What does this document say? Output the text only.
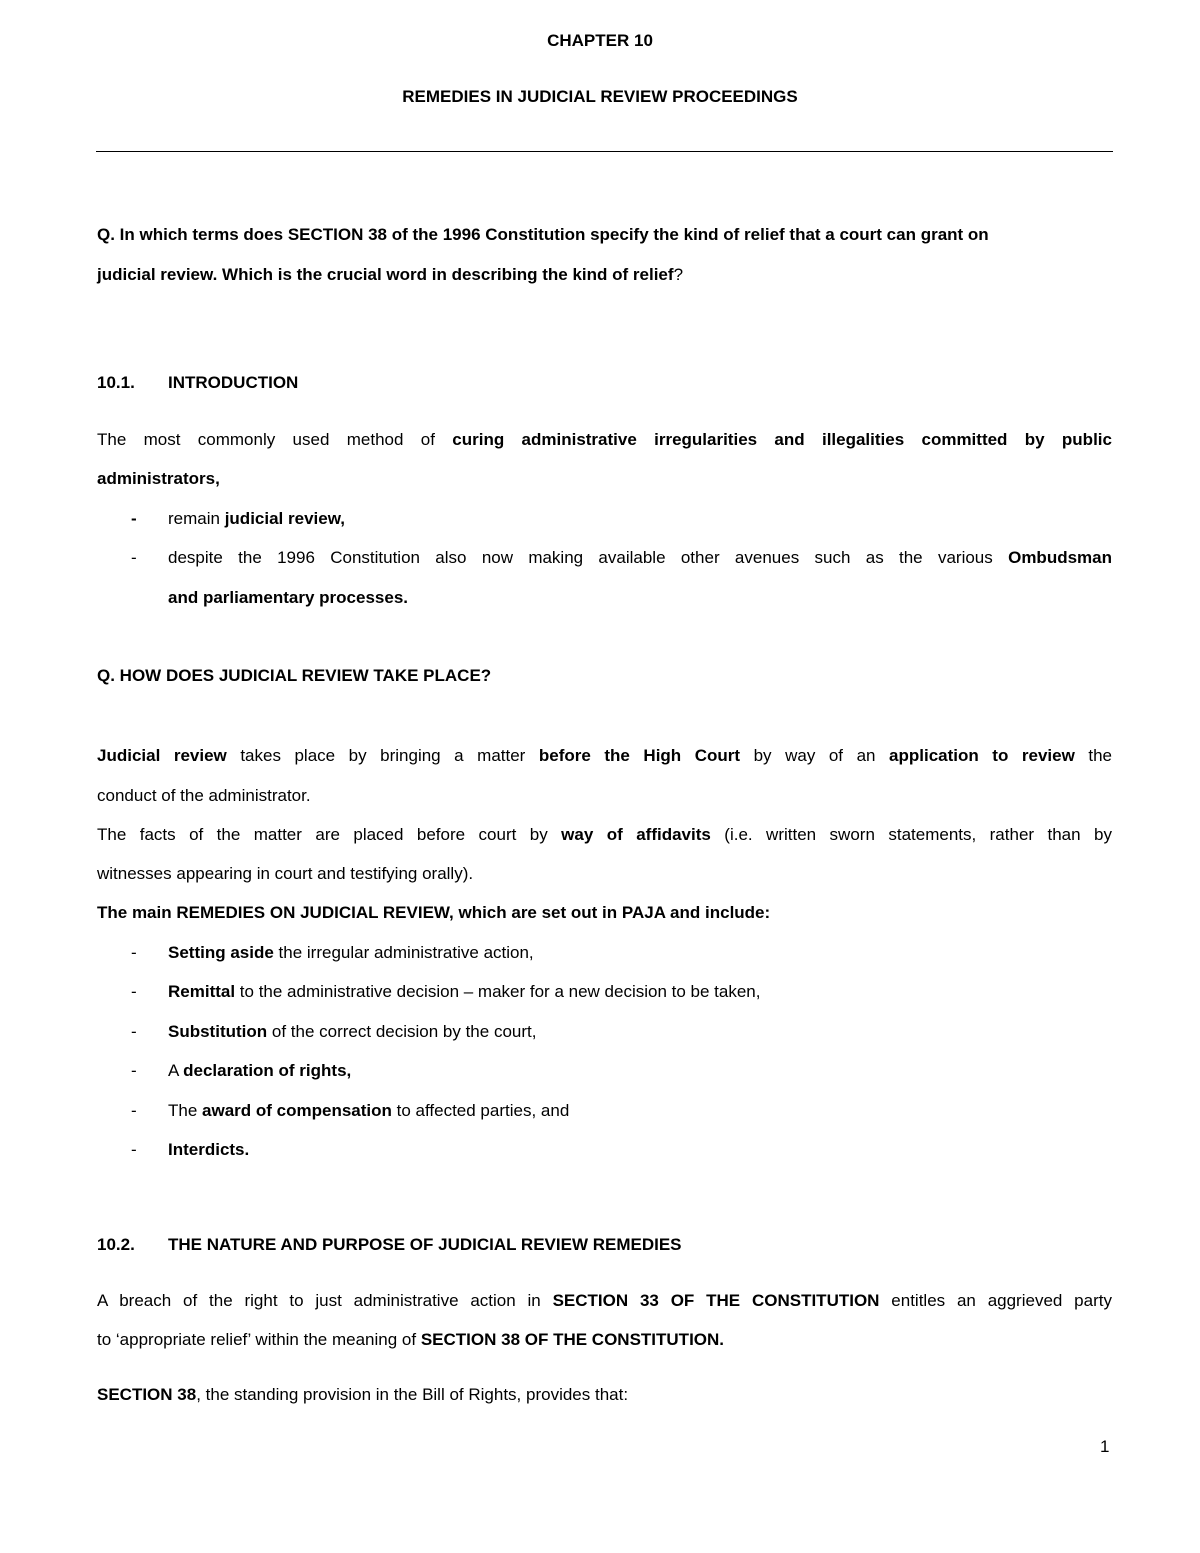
CHAPTER 10
REMEDIES IN JUDICIAL REVIEW PROCEEDINGS
Q. In which terms does SECTION 38 of the 1996 Constitution specify the kind of relief that a court can grant on
judicial review. Which is the crucial word in describing the kind of relief?
10.1. INTRODUCTION
The most commonly used method of curing administrative irregularities and illegalities committed by public
administrators,
- remain judicial review,
- despite the 1996 Constitution also now making available other avenues such as the various Ombudsman
and parliamentary processes.
Q. HOW DOES JUDICIAL REVIEW TAKE PLACE?
Judicial review takes place by bringing a matter before the High Court by way of an application to review the
conduct of the administrator.
The facts of the matter are placed before court by way of affidavits (i.e. written sworn statements, rather than by
witnesses appearing in court and testifying orally).
The main REMEDIES ON JUDICIAL REVIEW, which are set out in PAJA and include:
- Setting aside the irregular administrative action,
- Remittal to the administrative decision – maker for a new decision to be taken,
- Substitution of the correct decision by the court,
- A declaration of rights,
- The award of compensation to affected parties, and
- Interdicts.
10.2. THE NATURE AND PURPOSE OF JUDICIAL REVIEW REMEDIES
A breach of the right to just administrative action in SECTION 33 OF THE CONSTITUTION entitles an aggrieved party
to ‘appropriate relief’ within the meaning of SECTION 38 OF THE CONSTITUTION.
SECTION 38, the standing provision in the Bill of Rights, provides that:
1
